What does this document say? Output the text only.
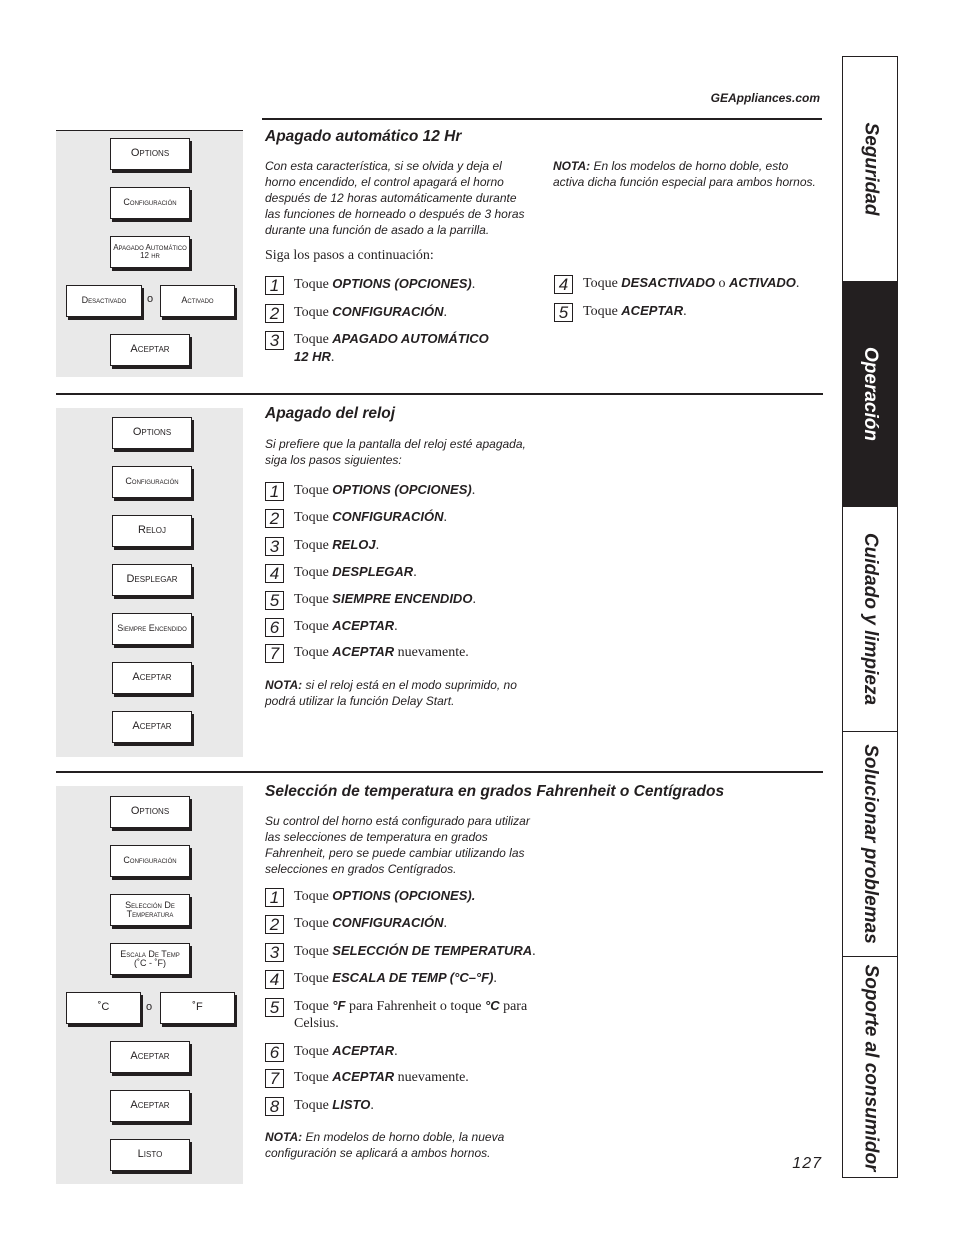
GEAppliances.com
Options
Configuración
Apagado Automático 12 hr
Desactivado	o	Activado
Aceptar
Apagado automático 12 Hr
Con esta característica, si se olvida y deja el horno encendido, el control apagará el horno después de 12 horas automáticamente durante las funciones de horneado o después de 3 horas durante una función de asado a la parrilla.
NOTA: En los modelos de horno doble, esto activa dicha función especial para ambos hornos.
Siga los pasos a continuación:
1	Toque OPTIONS (OPCIONES).
2	Toque CONFIGURACIÓN.
3	Toque APAGADO AUTOMÁTICO 12 HR.
4	Toque DESACTIVADO o ACTIVADO.
5	Toque ACEPTAR.
Options
Configuración
Reloj
Desplegar
Siempre Encendido
Aceptar
Aceptar
Apagado del reloj
Si prefiere que la pantalla del reloj esté apagada, siga los pasos siguientes:
1	Toque OPTIONS (OPCIONES).
2	Toque CONFIGURACIÓN.
3	Toque RELOJ.
4	Toque DESPLEGAR.
5	Toque SIEMPRE ENCENDIDO.
6	Toque ACEPTAR.
7	Toque ACEPTAR nuevamente.
NOTA: si el reloj está en el modo suprimido, no podrá utilizar la función Delay Start.
Options
Configuración
Selección De Temperatura
Escala De Temp (˚C - ˚F)
˚C	o	˚F
Aceptar
Aceptar
Listo
Selección de temperatura en grados Fahrenheit o Centígrados
Su control del horno está configurado para utilizar las selecciones de temperatura en grados Fahrenheit, pero se puede cambiar utilizando las selecciones en grados Centígrados.
1	Toque OPTIONS (OPCIONES).
2	Toque CONFIGURACIÓN.
3	Toque SELECCIÓN DE TEMPERATURA.
4	Toque ESCALA DE TEMP (°C–°F).
5	Toque °F para Fahrenheit o toque °C para Celsius.
6	Toque ACEPTAR.
7	Toque ACEPTAR nuevamente.
8	Toque LISTO.
NOTA: En modelos de horno doble, la nueva configuración se aplicará a ambos hornos.
127
Seguridad
Operación
Cuidado y limpieza
Solucionar problemas
Soporte al consumidor
